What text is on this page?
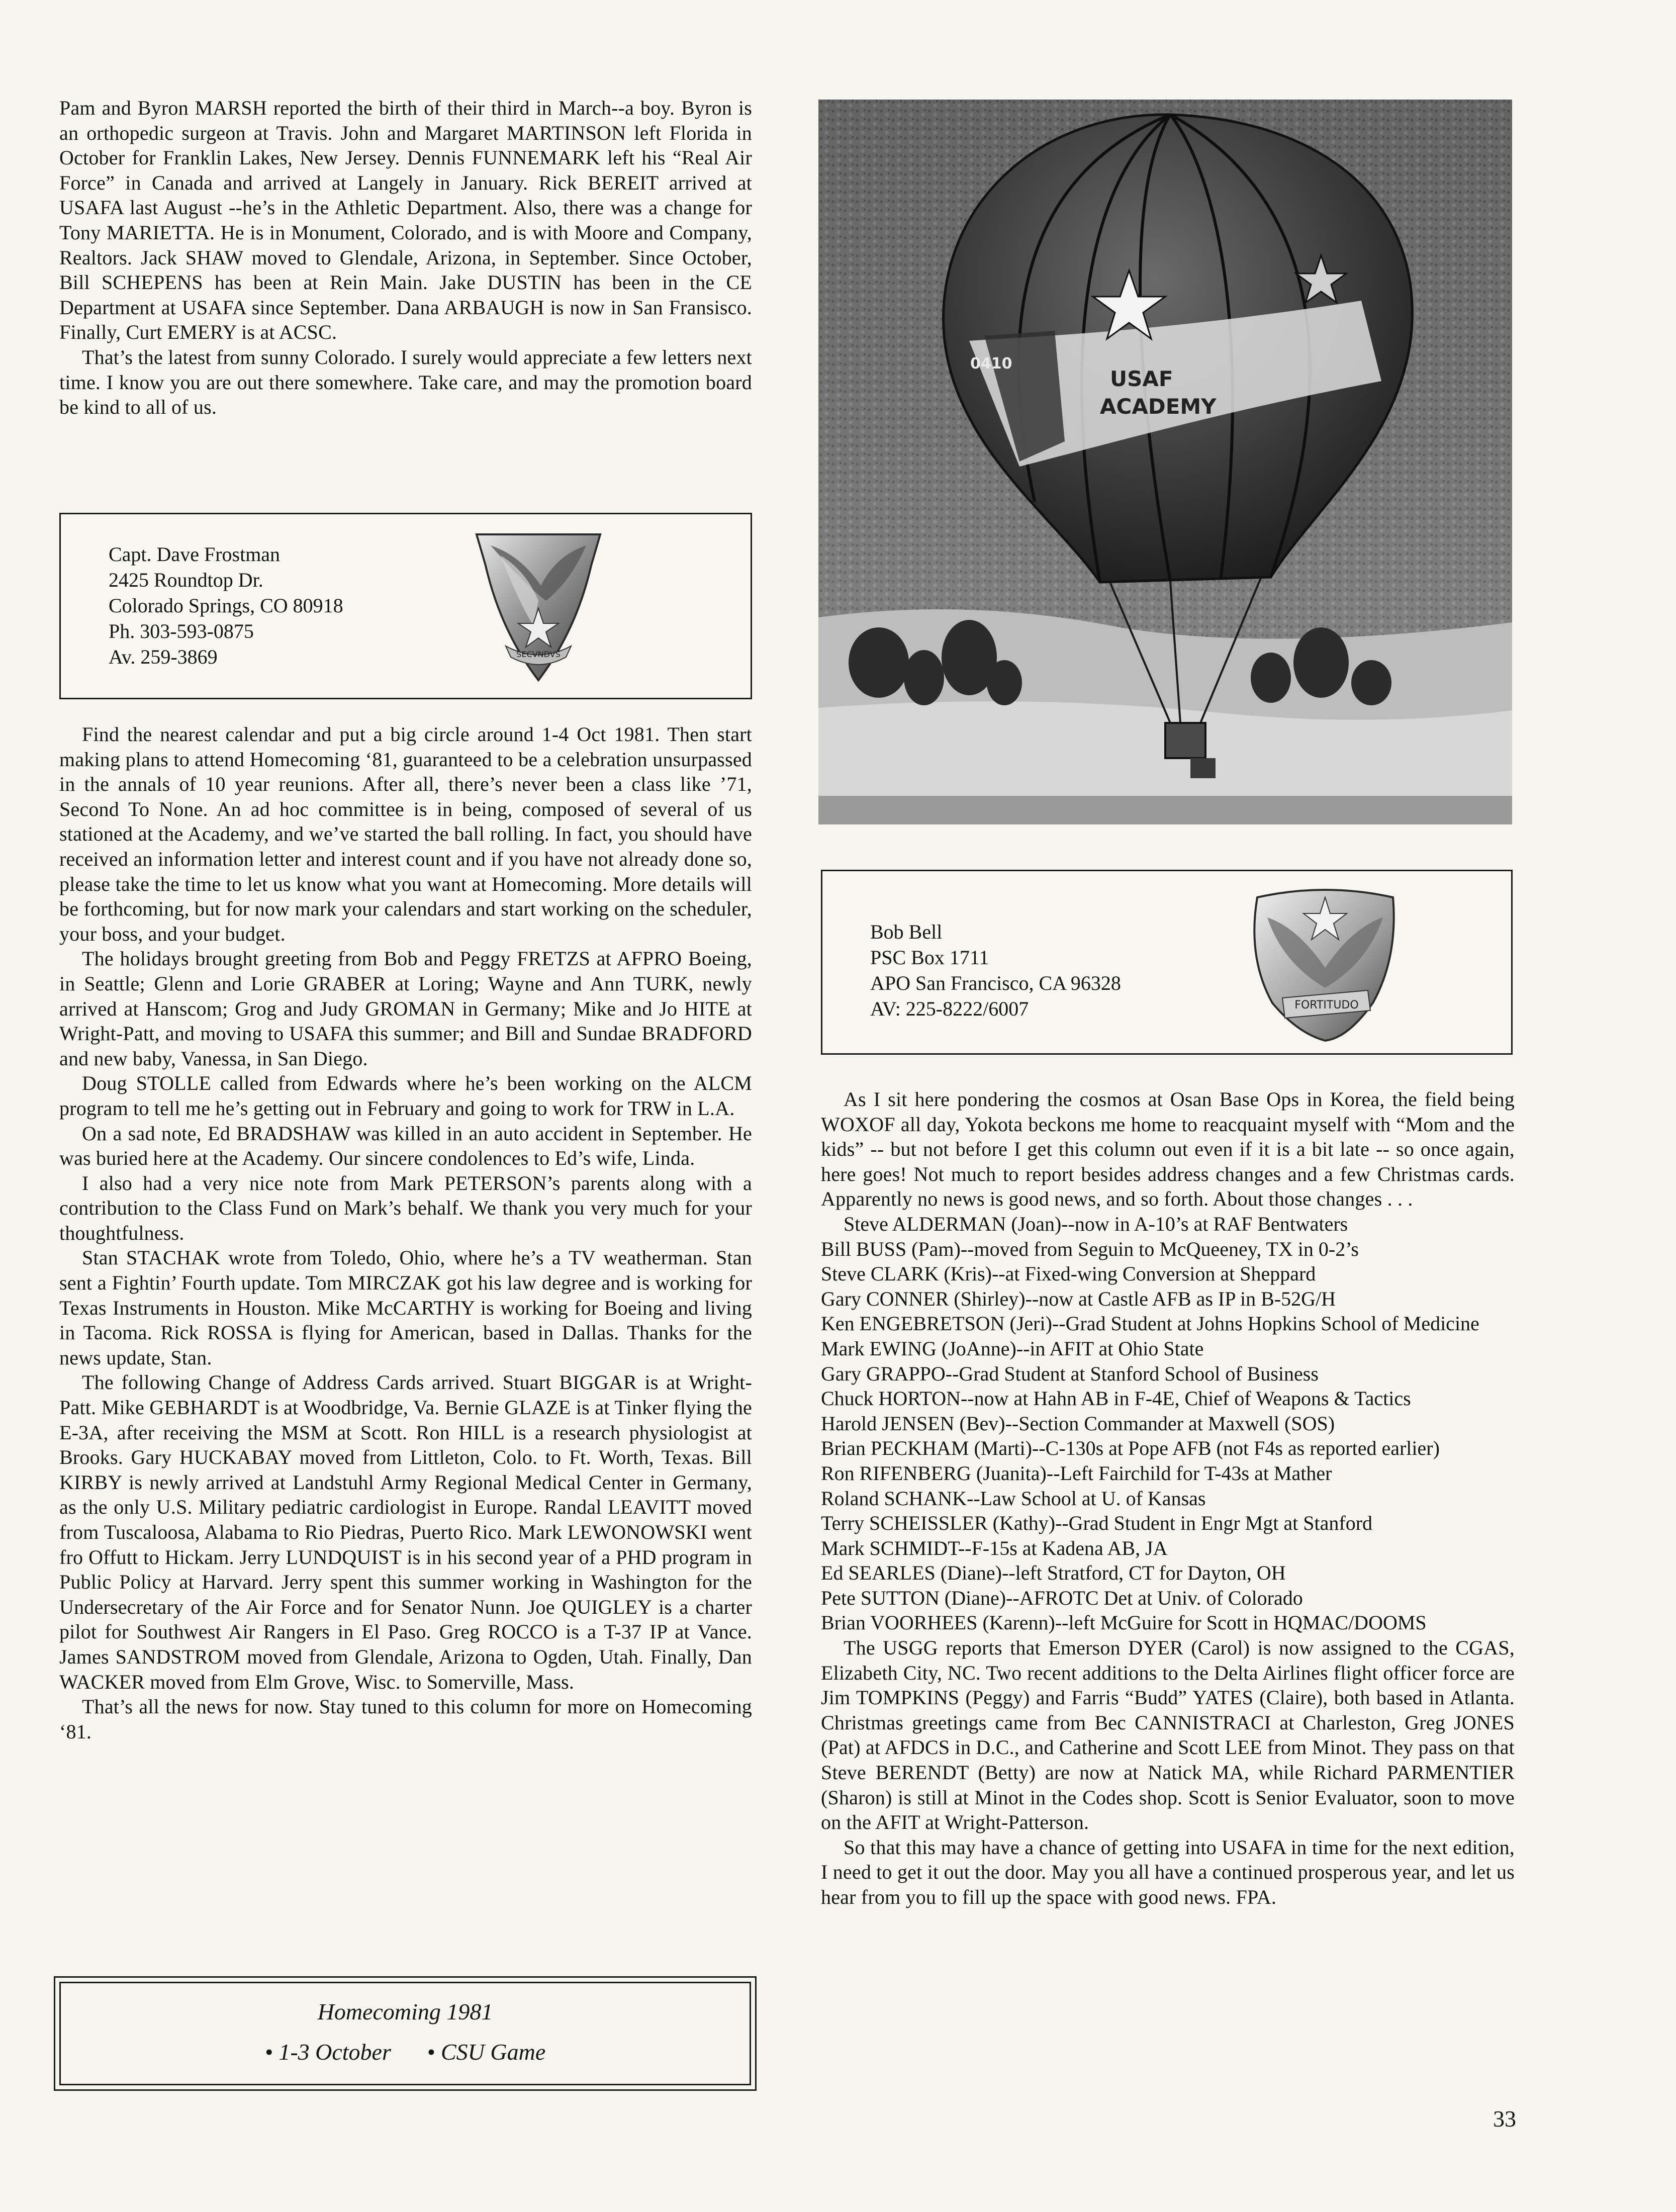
Pam and Byron MARSH reported the birth of their third in March--a boy. Byron is an orthopedic surgeon at Travis. John and Margaret MARTINSON left Florida in October for Franklin Lakes, New Jersey. Dennis FUNNEMARK left his “Real Air Force” in Canada and arrived at Langely in January. Rick BEREIT arrived at USAFA last August --he’s in the Athletic Department. Also, there was a change for Tony MARIETTA. He is in Monument, Colorado, and is with Moore and Company, Realtors. Jack SHAW moved to Glendale, Arizona, in September. Since October, Bill SCHEPENS has been at Rein Main. Jake DUSTIN has been in the CE Department at USAFA since September. Dana ARBAUGH is now in San Fransisco. Finally, Curt EMERY is at ACSC.

That’s the latest from sunny Colorado. I surely would appreciate a few letters next time. I know you are out there somewhere. Take care, and may the promotion board be kind to all of us.

Capt. Dave Frostman
2425 Roundtop Dr.
Colorado Springs, CO 80918
Ph. 303-593-0875
Av. 259-3869	SECVNDVS

Find the nearest calendar and put a big circle around 1-4 Oct 1981. Then start making plans to attend Homecoming ‘81, guaranteed to be a celebration unsurpassed in the annals of 10 year reunions. After all, there’s never been a class like ’71, Second To None. An ad hoc committee is in being, composed of several of us stationed at the Academy, and we’ve started the ball rolling. In fact, you should have received an information letter and interest count and if you have not already done so, please take the time to let us know what you want at Homecoming. More details will be forthcoming, but for now mark your calendars and start working on the scheduler, your boss, and your budget.

The holidays brought greeting from Bob and Peggy FRETZS at AFPRO Boeing, in Seattle; Glenn and Lorie GRABER at Loring; Wayne and Ann TURK, newly arrived at Hanscom; Grog and Judy GROMAN in Germany; Mike and Jo HITE at Wright-Patt, and moving to USAFA this summer; and Bill and Sundae BRADFORD and new baby, Vanessa, in San Diego.

Doug STOLLE called from Edwards where he’s been working on the ALCM program to tell me he’s getting out in February and going to work for TRW in L.A.

On a sad note, Ed BRADSHAW was killed in an auto accident in September. He was buried here at the Academy. Our sincere condolences to Ed’s wife, Linda.

I also had a very nice note from Mark PETERSON’s parents along with a contribution to the Class Fund on Mark’s behalf. We thank you very much for your thoughtfulness.

Stan STACHAK wrote from Toledo, Ohio, where he’s a TV weatherman. Stan sent a Fightin’ Fourth update. Tom MIRCZAK got his law degree and is working for Texas Instruments in Houston. Mike McCARTHY is working for Boeing and living in Tacoma. Rick ROSSA is flying for American, based in Dallas. Thanks for the news update, Stan.

The following Change of Address Cards arrived. Stuart BIGGAR is at Wright-Patt. Mike GEBHARDT is at Woodbridge, Va. Bernie GLAZE is at Tinker flying the E-3A, after receiving the MSM at Scott. Ron HILL is a research physiologist at Brooks. Gary HUCKABAY moved from Littleton, Colo. to Ft. Worth, Texas. Bill KIRBY is newly arrived at Landstuhl Army Regional Medical Center in Germany, as the only U.S. Military pediatric cardiologist in Europe. Randal LEAVITT moved from Tuscaloosa, Alabama to Rio Piedras, Puerto Rico. Mark LEWONOWSKI went fro Offutt to Hickam. Jerry LUNDQUIST is in his second year of a PHD program in Public Policy at Harvard. Jerry spent this summer working in Washington for the Undersecretary of the Air Force and for Senator Nunn. Joe QUIGLEY is a charter pilot for Southwest Air Rangers in El Paso. Greg ROCCO is a T-37 IP at Vance. James SANDSTROM moved from Glendale, Arizona to Ogden, Utah. Finally, Dan WACKER moved from Elm Grove, Wisc. to Somerville, Mass.

That’s all the news for now. Stay tuned to this column for more on Homecoming ‘81.

Homecoming 1981
• 1-3 October • CSU Game
USAF
ACADEMY
0410
Bob Bell
PSC Box 1711
APO San Francisco, CA 96328
AV: 225-8222/6007	FORTITUDO

As I sit here pondering the cosmos at Osan Base Ops in Korea, the field being WOXOF all day, Yokota beckons me home to reacquaint myself with “Mom and the kids” -- but not before I get this column out even if it is a bit late -- so once again, here goes! Not much to report besides address changes and a few Christmas cards. Apparently no news is good news, and so forth. About those changes . . .

Steve ALDERMAN (Joan)--now in A-10’s at RAF Bentwaters

Bill BUSS (Pam)--moved from Seguin to McQueeney, TX in 0-2’s

Steve CLARK (Kris)--at Fixed-wing Conversion at Sheppard

Gary CONNER (Shirley)--now at Castle AFB as IP in B-52G/H

Ken ENGEBRETSON (Jeri)--Grad Student at Johns Hopkins School of Medicine

Mark EWING (JoAnne)--in AFIT at Ohio State

Gary GRAPPO--Grad Student at Stanford School of Business

Chuck HORTON--now at Hahn AB in F-4E, Chief of Weapons & Tactics

Harold JENSEN (Bev)--Section Commander at Maxwell (SOS)

Brian PECKHAM (Marti)--C-130s at Pope AFB (not F4s as reported earlier)

Ron RIFENBERG (Juanita)--Left Fairchild for T-43s at Mather

Roland SCHANK--Law School at U. of Kansas

Terry SCHEISSLER (Kathy)--Grad Student in Engr Mgt at Stanford

Mark SCHMIDT--F-15s at Kadena AB, JA

Ed SEARLES (Diane)--left Stratford, CT for Dayton, OH

Pete SUTTON (Diane)--AFROTC Det at Univ. of Colorado

Brian VOORHEES (Karenn)--left McGuire for Scott in HQMAC/DOOMS

The USGG reports that Emerson DYER (Carol) is now assigned to the CGAS, Elizabeth City, NC. Two recent additions to the Delta Airlines flight officer force are Jim TOMPKINS (Peggy) and Farris “Budd” YATES (Claire), both based in Atlanta. Christmas greetings came from Bec CANNISTRACI at Charleston, Greg JONES (Pat) at AFDCS in D.C., and Catherine and Scott LEE from Minot. They pass on that Steve BERENDT (Betty) are now at Natick MA, while Richard PARMENTIER (Sharon) is still at Minot in the Codes shop. Scott is Senior Evaluator, soon to move on the AFIT at Wright-Patterson.

So that this may have a chance of getting into USAFA in time for the next edition, I need to get it out the door. May you all have a continued prosperous year, and let us hear from you to fill up the space with good news. FPA.

33
